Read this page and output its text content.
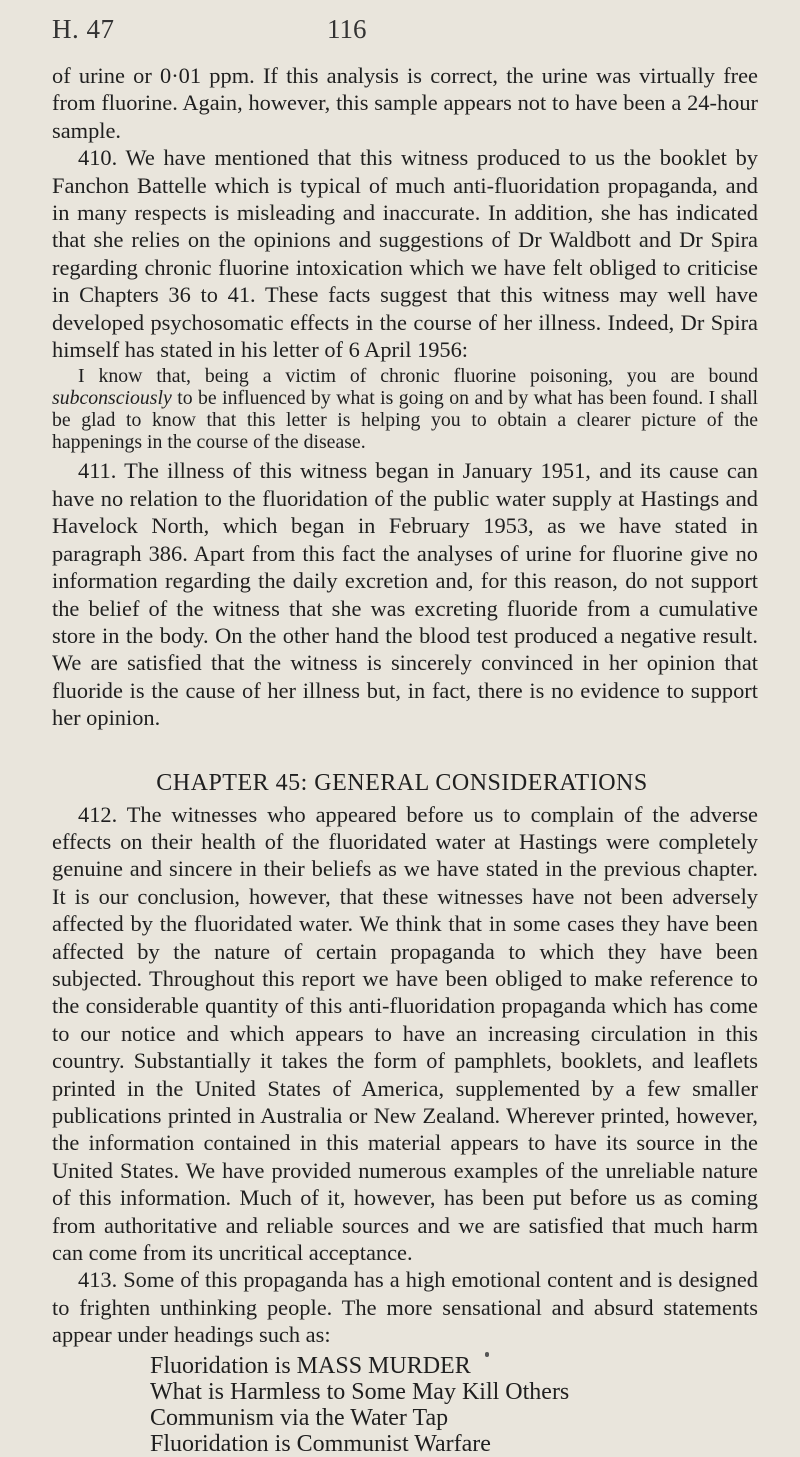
H. 47	116

of urine or 0·01 ppm. If this analysis is correct, the urine was virtually free from fluorine. Again, however, this sample appears not to have been a 24-hour sample.

410. We have mentioned that this witness produced to us the booklet by Fanchon Battelle which is typical of much anti-fluoridation propaganda, and in many respects is misleading and inaccurate. In addition, she has indicated that she relies on the opinions and suggestions of Dr Waldbott and Dr Spira regarding chronic fluorine intoxication which we have felt obliged to criticise in Chapters 36 to 41. These facts suggest that this witness may well have developed psychosomatic effects in the course of her illness. Indeed, Dr Spira himself has stated in his letter of 6 April 1956:

I know that, being a victim of chronic fluorine poisoning, you are bound subconsciously to be influenced by what is going on and by what has been found. I shall be glad to know that this letter is helping you to obtain a clearer picture of the happenings in the course of the disease.

411. The illness of this witness began in January 1951, and its cause can have no relation to the fluoridation of the public water supply at Hastings and Havelock North, which began in February 1953, as we have stated in paragraph 386. Apart from this fact the analyses of urine for fluorine give no information regarding the daily excretion and, for this reason, do not support the belief of the witness that she was excreting fluoride from a cumulative store in the body. On the other hand the blood test produced a negative result. We are satisfied that the witness is sincerely convinced in her opinion that fluoride is the cause of her illness but, in fact, there is no evidence to support her opinion.

CHAPTER 45: GENERAL CONSIDERATIONS

412. The witnesses who appeared before us to complain of the adverse effects on their health of the fluoridated water at Hastings were completely genuine and sincere in their beliefs as we have stated in the previous chapter. It is our conclusion, however, that these witnesses have not been adversely affected by the fluoridated water. We think that in some cases they have been affected by the nature of certain propaganda to which they have been subjected. Throughout this report we have been obliged to make reference to the considerable quantity of this anti-fluoridation propaganda which has come to our notice and which appears to have an increasing circulation in this country. Substantially it takes the form of pamphlets, booklets, and leaflets printed in the United States of America, supplemented by a few smaller publications printed in Australia or New Zealand. Wherever printed, however, the information contained in this material appears to have its source in the United States. We have provided numerous examples of the unreliable nature of this information. Much of it, however, has been put before us as coming from authoritative and reliable sources and we are satisfied that much harm can come from its uncritical acceptance.

413. Some of this propaganda has a high emotional content and is designed to frighten unthinking people. The more sensational and absurd statements appear under headings such as:

Fluoridation is MASS MURDER
What is Harmless to Some May Kill Others
Communism via the Water Tap
Fluoridation is Communist Warfare
